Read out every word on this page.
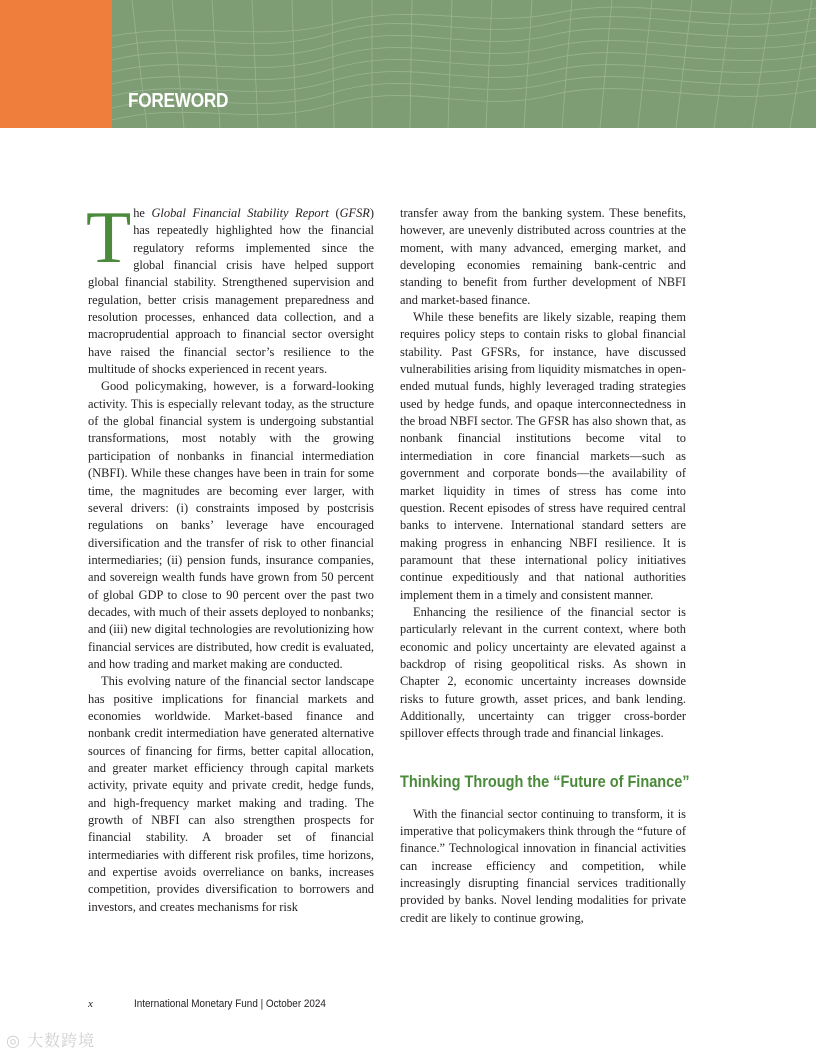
FOREWORD

The Global Financial Stability Report (GFSR) has repeatedly highlighted how the financial regulatory reforms implemented since the global financial crisis have helped support global financial stability. Strengthened supervision and regulation, better crisis management preparedness and resolution processes, enhanced data collection, and a macroprudential approach to financial sector oversight have raised the financial sector’s resilience to the multitude of shocks experienced in recent years.

Good policymaking, however, is a forward-looking activity. This is especially relevant today, as the structure of the global financial system is undergoing substantial transformations, most notably with the growing participation of nonbanks in financial intermediation (NBFI). While these changes have been in train for some time, the magnitudes are becoming ever larger, with several drivers: (i) constraints imposed by postcrisis regulations on banks’ leverage have encouraged diversification and the transfer of risk to other financial intermediaries; (ii) pension funds, insurance companies, and sovereign wealth funds have grown from 50 percent of global GDP to close to 90 percent over the past two decades, with much of their assets deployed to nonbanks; and (iii) new digital technologies are revolutionizing how financial services are distributed, how credit is evaluated, and how trading and market making are conducted.

This evolving nature of the financial sector landscape has positive implications for financial markets and economies worldwide. Market-based finance and nonbank credit intermediation have generated alternative sources of financing for firms, better capital allocation, and greater market efficiency through capital markets activity, private equity and private credit, hedge funds, and high-frequency market making and trading. The growth of NBFI can also strengthen prospects for financial stability. A broader set of financial intermediaries with different risk profiles, time horizons, and expertise avoids overreliance on banks, increases competition, provides diversification to borrowers and investors, and creates mechanisms for risk

transfer away from the banking system. These benefits, however, are unevenly distributed across countries at the moment, with many advanced, emerging market, and developing economies remaining bank-centric and standing to benefit from further development of NBFI and market-based finance.

While these benefits are likely sizable, reaping them requires policy steps to contain risks to global financial stability. Past GFSRs, for instance, have discussed vulnerabilities arising from liquidity mismatches in open-ended mutual funds, highly leveraged trading strategies used by hedge funds, and opaque interconnectedness in the broad NBFI sector. The GFSR has also shown that, as nonbank financial institutions become vital to intermediation in core financial markets—such as government and corporate bonds—the availability of market liquidity in times of stress has come into question. Recent episodes of stress have required central banks to intervene. International standard setters are making progress in enhancing NBFI resilience. It is paramount that these international policy initiatives continue expeditiously and that national authorities implement them in a timely and consistent manner.

Enhancing the resilience of the financial sector is particularly relevant in the current context, where both economic and policy uncertainty are elevated against a backdrop of rising geopolitical risks. As shown in Chapter 2, economic uncertainty increases downside risks to future growth, asset prices, and bank lending. Additionally, uncertainty can trigger cross-border spillover effects through trade and financial linkages.

Thinking Through the “Future of Finance”

With the financial sector continuing to transform, it is imperative that policymakers think through the “future of finance.” Technological innovation in financial activities can increase efficiency and competition, while increasingly disrupting financial services traditionally provided by banks. Novel lending modalities for private credit are likely to continue growing,

x	International Monetary Fund | October 2024
◎ 大数跨境
